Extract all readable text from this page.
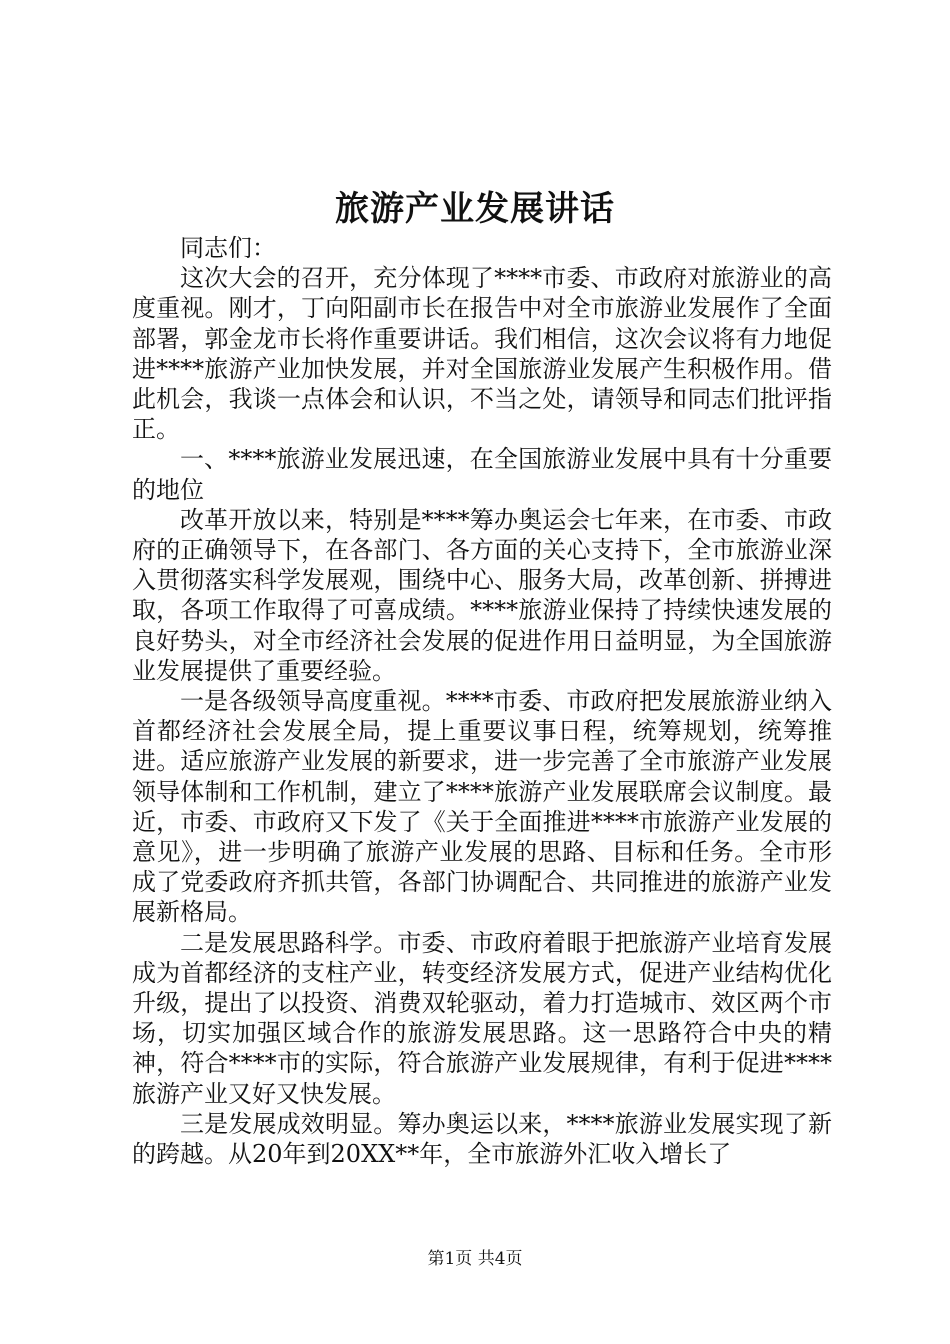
旅游产业发展讲话

同志们：

这次大会的召开，充分体现了****市委、市政府对旅游业的高度重视。刚才，丁向阳副市长在报告中对全市旅游业发展作了全面部署，郭金龙市长将作重要讲话。我们相信，这次会议将有力地促进****旅游产业加快发展，并对全国旅游业发展产生积极作用。借此机会，我谈一点体会和认识，不当之处，请领导和同志们批评指正。

一、****旅游业发展迅速，在全国旅游业发展中具有十分重要的地位

改革开放以来，特别是****筹办奥运会七年来，在市委、市政府的正确领导下，在各部门、各方面的关心支持下，全市旅游业深入贯彻落实科学发展观，围绕中心、服务大局，改革创新、拼搏进取，各项工作取得了可喜成绩。****旅游业保持了持续快速发展的良好势头，对全市经济社会发展的促进作用日益明显，为全国旅游业发展提供了重要经验。

一是各级领导高度重视。****市委、市政府把发展旅游业纳入首都经济社会发展全局，提上重要议事日程，统筹规划，统筹推进。适应旅游产业发展的新要求，进一步完善了全市旅游产业发展领导体制和工作机制，建立了****旅游产业发展联席会议制度。最近，市委、市政府又下发了《关于全面推进****市旅游产业发展的意见》，进一步明确了旅游产业发展的思路、目标和任务。全市形成了党委政府齐抓共管，各部门协调配合、共同推进的旅游产业发展新格局。

二是发展思路科学。市委、市政府着眼于把旅游产业培育发展成为首都经济的支柱产业，转变经济发展方式，促进产业结构优化升级，提出了以投资、消费双轮驱动，着力打造城市、效区两个市场，切实加强区域合作的旅游发展思路。这一思路符合中央的精神，符合****市的实际，符合旅游产业发展规律，有利于促进****旅游产业又好又快发展。

三是发展成效明显。筹办奥运以来，****旅游业发展实现了新的跨越。从20年到20XX**年，全市旅游外汇收入增长了

第1页 共4页
